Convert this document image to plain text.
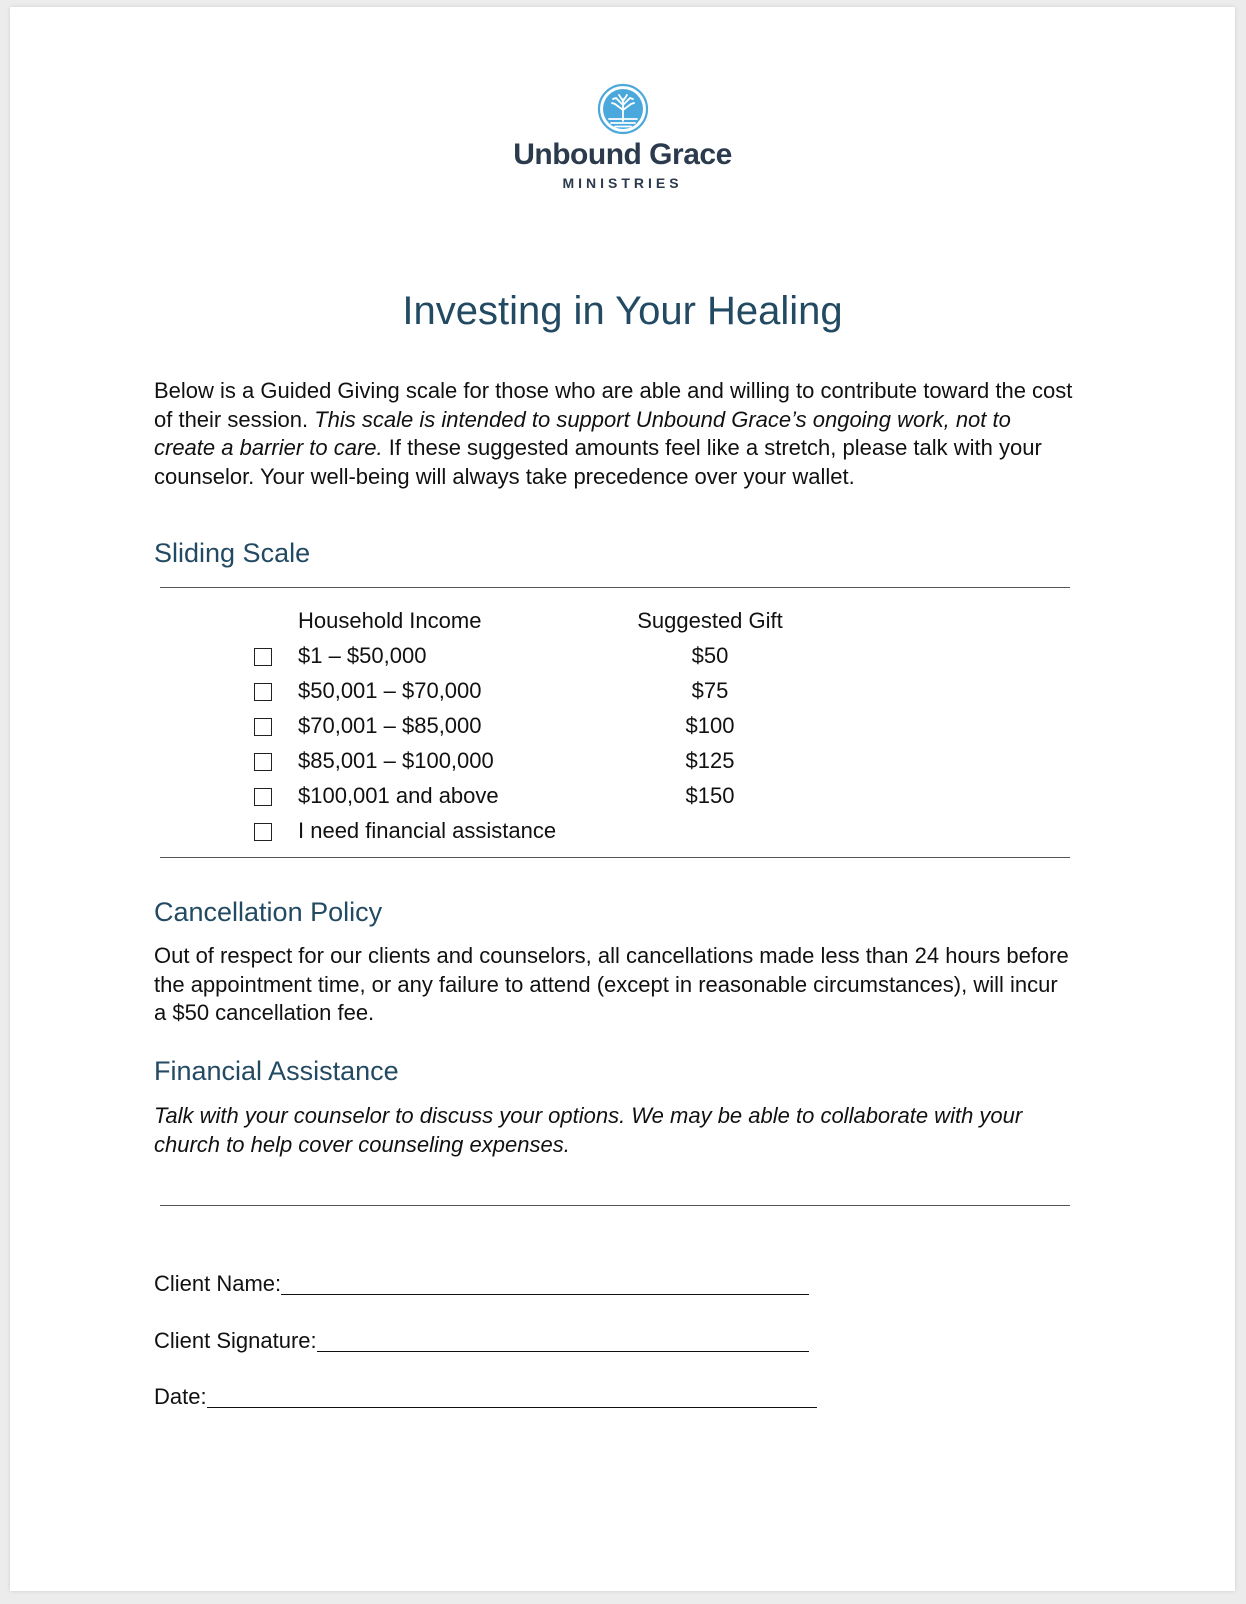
Unbound Grace
MINISTRIES
Investing in Your Healing
Below is a Guided Giving scale for those who are able and willing to contribute toward the cost of their session. This scale is intended to support Unbound Grace’s ongoing work, not to create a barrier to care. If these suggested amounts feel like a stretch, please talk with your counselor. Your well-being will always take precedence over your wallet.
Sliding Scale
Household Income	Suggested Gift
$1 – $50,000	$50
$50,001 – $70,000	$75
$70,001 – $85,000	$100
$85,001 – $100,000	$125
$100,001 and above	$150
I need financial assistance
Cancellation Policy
Out of respect for our clients and counselors, all cancellations made less than 24 hours before the appointment time, or any failure to attend (except in reasonable circumstances), will incur a $50 cancellation fee.
Financial Assistance
Talk with your counselor to discuss your options. We may be able to collaborate with your church to help cover counseling expenses.
Client Name:
Client Signature:
Date:
